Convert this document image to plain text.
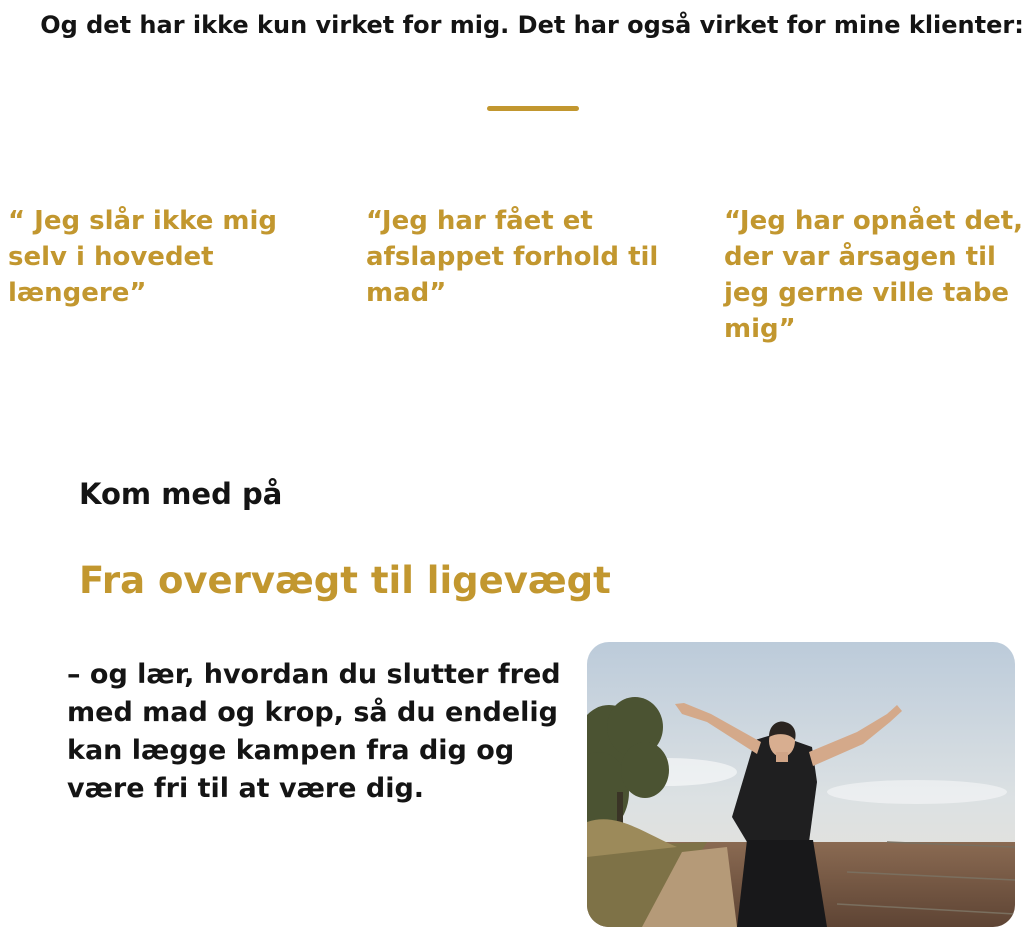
Og det har ikke kun virket for mig. Det har også virket for mine klienter:

“ Jeg slår ikke mig selv i hovedet længere”

“Jeg har fået et afslappet forhold til mad”

“Jeg har opnået det, der var årsagen til jeg gerne ville tabe mig”

Kom med på
Fra overvægt til ligevægt

– og lær, hvordan du slutter fred med mad og krop, så du endelig kan lægge kampen fra dig og være fri til at være dig.
